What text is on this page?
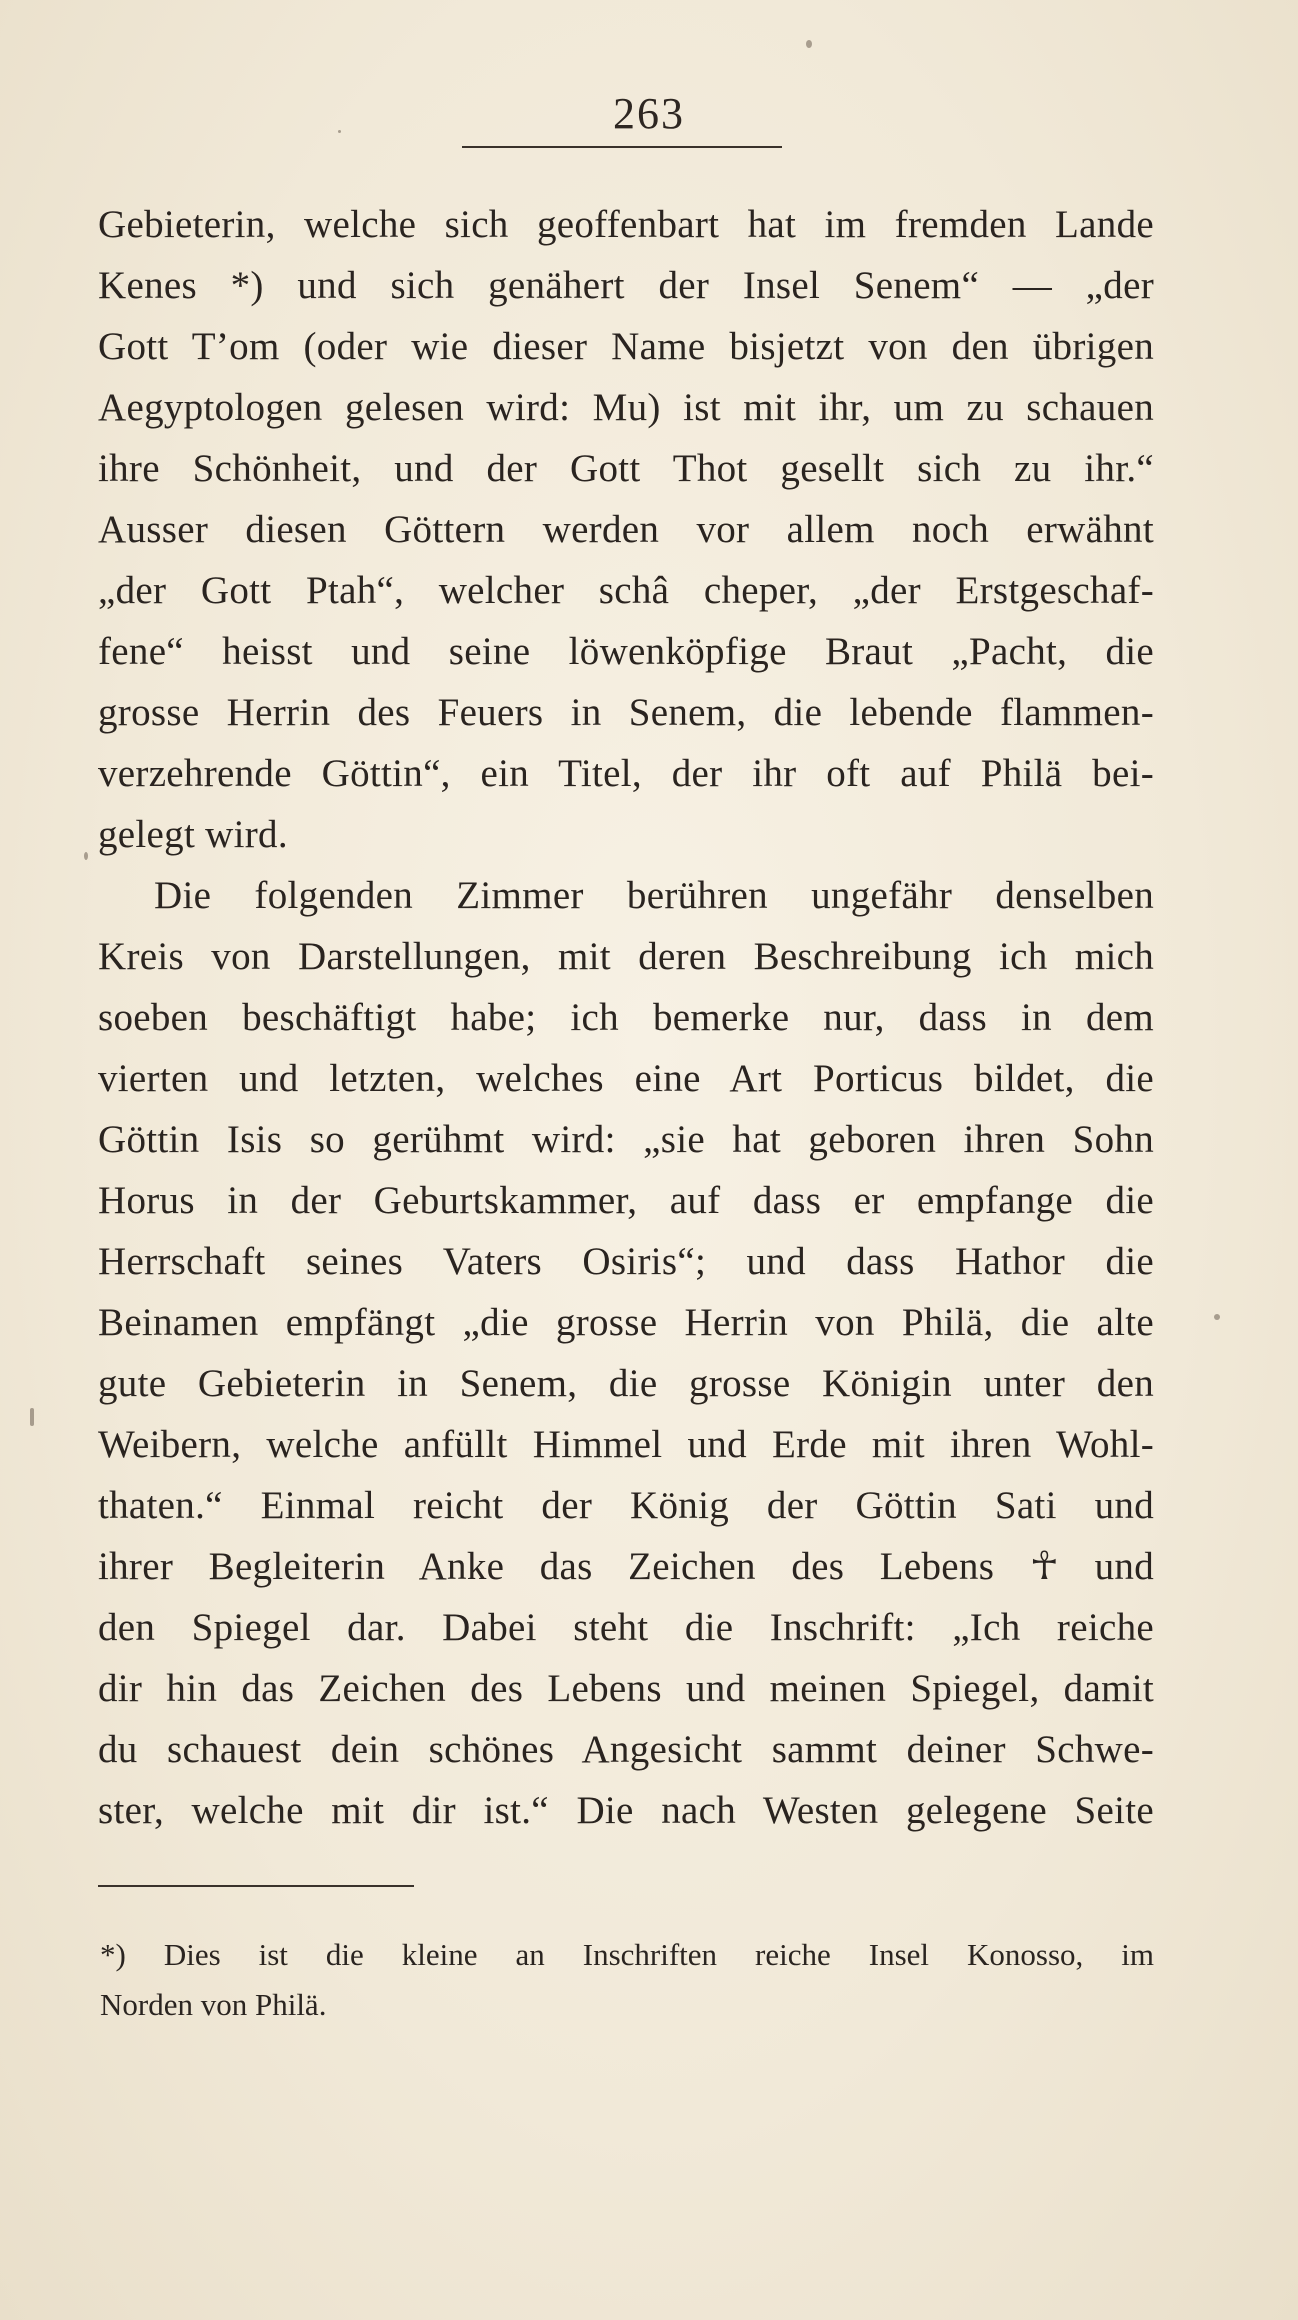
263
Gebieterin, welche sich geoffenbart hat im fremden Lande
Kenes *) und sich genähert der Insel Senem“ — „der
Gott T’om (oder wie dieser Name bisjetzt von den übrigen
Aegyptologen gelesen wird: Mu) ist mit ihr, um zu schauen
ihre Schönheit, und der Gott Thot gesellt sich zu ihr.“
Ausser diesen Göttern werden vor allem noch erwähnt
„der Gott Ptah“, welcher schâ cheper, „der Erstgeschaf-
fene“ heisst und seine löwenköpfige Braut „Pacht, die
grosse Herrin des Feuers in Senem, die lebende flammen-
verzehrende Göttin“, ein Titel, der ihr oft auf Philä bei-
gelegt wird.
Die folgenden Zimmer berühren ungefähr denselben
Kreis von Darstellungen, mit deren Beschreibung ich mich
soeben beschäftigt habe; ich bemerke nur, dass in dem
vierten und letzten, welches eine Art Porticus bildet, die
Göttin Isis so gerühmt wird: „sie hat geboren ihren Sohn
Horus in der Geburtskammer, auf dass er empfange die
Herrschaft seines Vaters Osiris“; und dass Hathor die
Beinamen empfängt „die grosse Herrin von Philä, die alte
gute Gebieterin in Senem, die grosse Königin unter den
Weibern, welche anfüllt Himmel und Erde mit ihren Wohl-
thaten.“ Einmal reicht der König der Göttin Sati und
ihrer Begleiterin Anke das Zeichen des Lebens ☥ und
den Spiegel dar. Dabei steht die Inschrift: „Ich reiche
dir hin das Zeichen des Lebens und meinen Spiegel, damit
du schauest dein schönes Angesicht sammt deiner Schwe-
ster, welche mit dir ist.“ Die nach Westen gelegene Seite
*) Dies ist die kleine an Inschriften reiche Insel Konosso, im
Norden von Philä.
